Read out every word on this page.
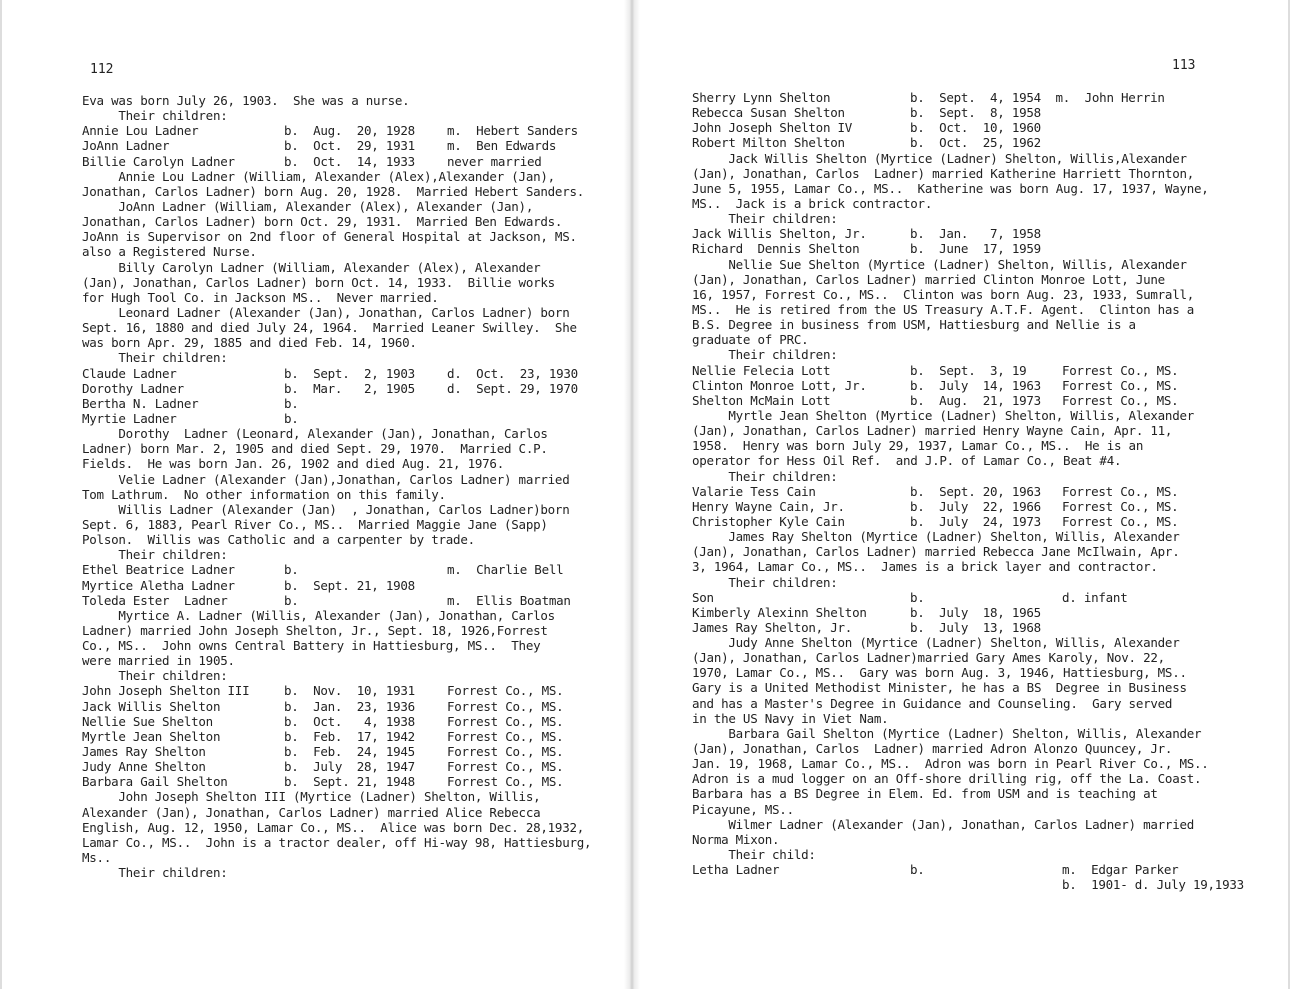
112
Eva was born July 26, 1903.  She was a nurse.
Their children:
Annie Lou Ladner	b.  Aug.  20, 1928	m.  Hebert Sanders
JoAnn Ladner	b.  Oct.  29, 1931	m.  Ben Edwards
Billie Carolyn Ladner	b.  Oct.  14, 1933	never married
Annie Lou Ladner (William, Alexander (Alex),Alexander (Jan),
Jonathan, Carlos Ladner) born Aug. 20, 1928.  Married Hebert Sanders.
JoAnn Ladner (William, Alexander (Alex), Alexander (Jan),
Jonathan, Carlos Ladner) born Oct. 29, 1931.  Married Ben Edwards.
JoAnn is Supervisor on 2nd floor of General Hospital at Jackson, MS.
also a Registered Nurse.
Billy Carolyn Ladner (William, Alexander (Alex), Alexander
(Jan), Jonathan, Carlos Ladner) born Oct. 14, 1933.  Billie works
for Hugh Tool Co. in Jackson MS..  Never married.
Leonard Ladner (Alexander (Jan), Jonathan, Carlos Ladner) born
Sept. 16, 1880 and died July 24, 1964.  Married Leaner Swilley.  She
was born Apr. 29, 1885 and died Feb. 14, 1960.
Their children:
Claude Ladner	b.  Sept.  2, 1903	d.  Oct.  23, 1930
Dorothy Ladner	b.  Mar.   2, 1905	d.  Sept. 29, 1970
Bertha N. Ladner	b.
Myrtie Ladner	b.
Dorothy  Ladner (Leonard, Alexander (Jan), Jonathan, Carlos
Ladner) born Mar. 2, 1905 and died Sept. 29, 1970.  Married C.P.
Fields.  He was born Jan. 26, 1902 and died Aug. 21, 1976.
Velie Ladner (Alexander (Jan),Jonathan, Carlos Ladner) married
Tom Lathrum.  No other information on this family.
Willis Ladner (Alexander (Jan)  , Jonathan, Carlos Ladner)born
Sept. 6, 1883, Pearl River Co., MS..  Married Maggie Jane (Sapp)
Polson.  Willis was Catholic and a carpenter by trade.
Their children:
Ethel Beatrice Ladner	b.	m.  Charlie Bell
Myrtice Aletha Ladner	b.  Sept. 21, 1908
Toleda Ester  Ladner	b.	m.  Ellis Boatman
Myrtice A. Ladner (Willis, Alexander (Jan), Jonathan, Carlos
Ladner) married John Joseph Shelton, Jr., Sept. 18, 1926,Forrest
Co., MS..  John owns Central Battery in Hattiesburg, MS..  They
were married in 1905.
Their children:
John Joseph Shelton III	b.  Nov.  10, 1931	Forrest Co., MS.
Jack Willis Shelton	b.  Jan.  23, 1936	Forrest Co., MS.
Nellie Sue Shelton	b.  Oct.   4, 1938	Forrest Co., MS.
Myrtle Jean Shelton	b.  Feb.  17, 1942	Forrest Co., MS.
James Ray Shelton	b.  Feb.  24, 1945	Forrest Co., MS.
Judy Anne Shelton	b.  July  28, 1947	Forrest Co., MS.
Barbara Gail Shelton	b.  Sept. 21, 1948	Forrest Co., MS.
John Joseph Shelton III (Myrtice (Ladner) Shelton, Willis,
Alexander (Jan), Jonathan, Carlos Ladner) married Alice Rebecca
English, Aug. 12, 1950, Lamar Co., MS..  Alice was born Dec. 28,1932,
Lamar Co., MS..  John is a tractor dealer, off Hi-way 98, Hattiesburg,
Ms..
Their children:
113
Sherry Lynn Shelton	b.  Sept.  4, 1954  m.  John Herrin
Rebecca Susan Shelton	b.  Sept.  8, 1958
John Joseph Shelton IV	b.  Oct.  10, 1960
Robert Milton Shelton	b.  Oct.  25, 1962
Jack Willis Shelton (Myrtice (Ladner) Shelton, Willis,Alexander
(Jan), Jonathan, Carlos  Ladner) married Katherine Harriett Thornton,
June 5, 1955, Lamar Co., MS..  Katherine was born Aug. 17, 1937, Wayne,
MS..  Jack is a brick contractor.
Their children:
Jack Willis Shelton, Jr.	b.  Jan.   7, 1958
Richard  Dennis Shelton	b.  June  17, 1959
Nellie Sue Shelton (Myrtice (Ladner) Shelton, Willis, Alexander
(Jan), Jonathan, Carlos Ladner) married Clinton Monroe Lott, June
16, 1957, Forrest Co., MS..  Clinton was born Aug. 23, 1933, Sumrall,
MS..  He is retired from the US Treasury A.T.F. Agent.  Clinton has a
B.S. Degree in business from USM, Hattiesburg and Nellie is a
graduate of PRC.
Their children:
Nellie Felecia Lott	b.  Sept.  3, 19	Forrest Co., MS.
Clinton Monroe Lott, Jr.	b.  July  14, 1963 Forrest Co., MS.
Shelton McMain Lott	b.  Aug.  21, 1973 Forrest Co., MS.
Myrtle Jean Shelton (Myrtice (Ladner) Shelton, Willis, Alexander
(Jan), Jonathan, Carlos Ladner) married Henry Wayne Cain, Apr. 11,
1958.  Henry was born July 29, 1937, Lamar Co., MS..  He is an
operator for Hess Oil Ref.  and J.P. of Lamar Co., Beat #4.
Their children:
Valarie Tess Cain	b.  Sept. 20, 1963 Forrest Co., MS.
Henry Wayne Cain, Jr.	b.  July  22, 1966 Forrest Co., MS.
Christopher Kyle Cain	b.  July  24, 1973 Forrest Co., MS.
James Ray Shelton (Myrtice (Ladner) Shelton, Willis, Alexander
(Jan), Jonathan, Carlos Ladner) married Rebecca Jane McIlwain, Apr.
3, 1964, Lamar Co., MS..  James is a brick layer and contractor.
Their children:
Son	b.	d. infant
Kimberly Alexinn Shelton	b.  July  18, 1965
James Ray Shelton, Jr.	b.  July  13, 1968
Judy Anne Shelton (Myrtice (Ladner) Shelton, Willis, Alexander
(Jan), Jonathan, Carlos Ladner)married Gary Ames Karoly, Nov. 22,
1970, Lamar Co., MS..  Gary was born Aug. 3, 1946, Hattiesburg, MS..
Gary is a United Methodist Minister, he has a BS  Degree in Business
and has a Master's Degree in Guidance and Counseling.  Gary served
in the US Navy in Viet Nam.
Barbara Gail Shelton (Myrtice (Ladner) Shelton, Willis, Alexander
(Jan), Jonathan, Carlos  Ladner) married Adron Alonzo Quuncey, Jr.
Jan. 19, 1968, Lamar Co., MS..  Adron was born in Pearl River Co., MS..
Adron is a mud logger on an Off-shore drilling rig, off the La. Coast.
Barbara has a BS Degree in Elem. Ed. from USM and is teaching at
Picayune, MS..
Wilmer Ladner (Alexander (Jan), Jonathan, Carlos Ladner) married
Norma Mixon.
Their child:
Letha Ladner	b.	m.  Edgar Parker
b.  1901- d. July 19,1933
